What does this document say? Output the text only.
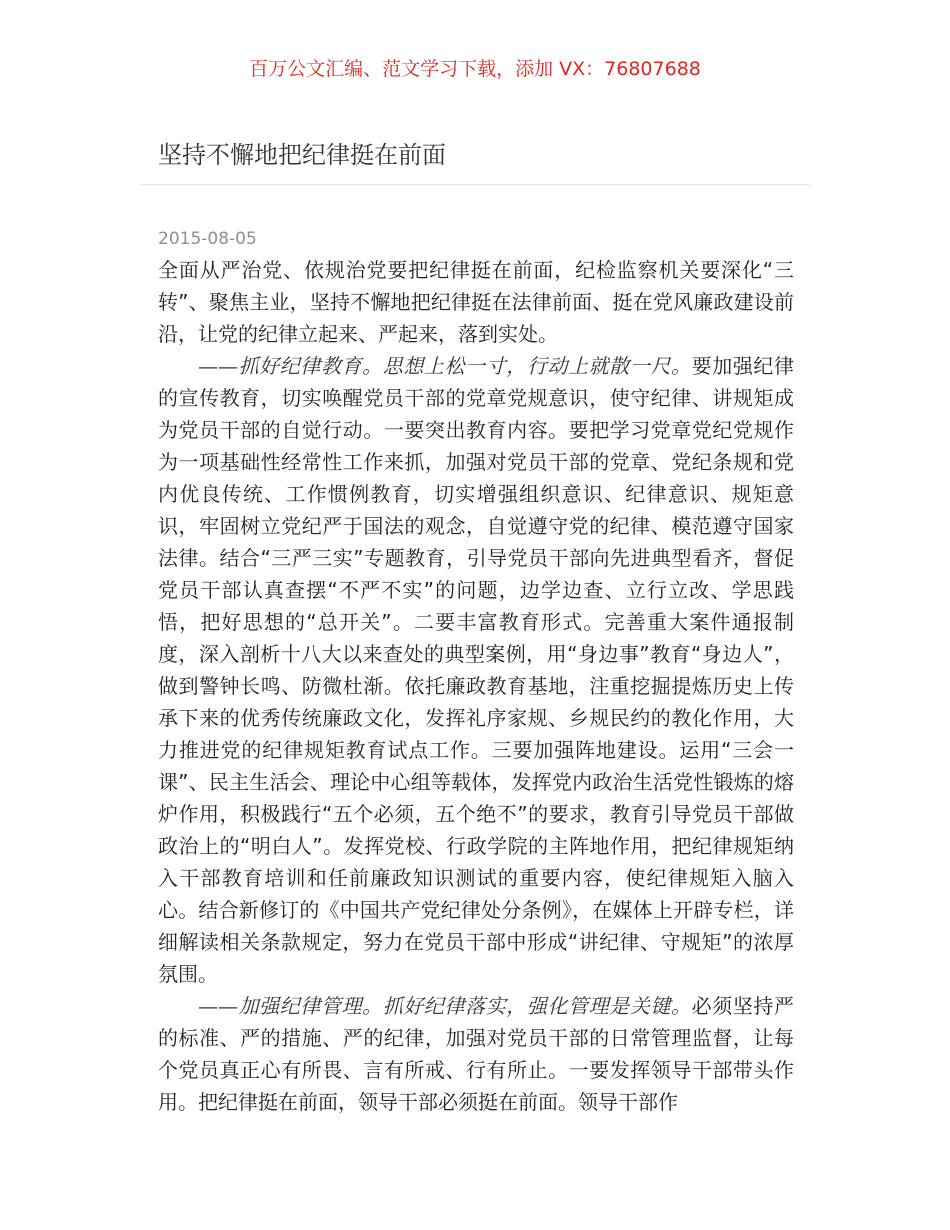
百万公文汇编、范文学习下载，添加 VX：76807688
坚持不懈地把纪律挺在前面
2015-08-05

全面从严治党、依规治党要把纪律挺在前面，纪检监察机关要深化“三转”、聚焦主业，坚持不懈地把纪律挺在法律前面、挺在党风廉政建设前沿，让党的纪律立起来、严起来，落到实处。

——抓好纪律教育。思想上松一寸，行动上就散一尺。要加强纪律的宣传教育，切实唤醒党员干部的党章党规意识，使守纪律、讲规矩成为党员干部的自觉行动。一要突出教育内容。要把学习党章党纪党规作为一项基础性经常性工作来抓，加强对党员干部的党章、党纪条规和党内优良传统、工作惯例教育，切实增强组织意识、纪律意识、规矩意识，牢固树立党纪严于国法的观念，自觉遵守党的纪律、模范遵守国家法律。结合“三严三实”专题教育，引导党员干部向先进典型看齐，督促党员干部认真查摆“不严不实”的问题，边学边查、立行立改、学思践悟，把好思想的“总开关”。二要丰富教育形式。完善重大案件通报制度，深入剖析十八大以来查处的典型案例，用“身边事”教育“身边人”，做到警钟长鸣、防微杜渐。依托廉政教育基地，注重挖掘提炼历史上传承下来的优秀传统廉政文化，发挥礼序家规、乡规民约的教化作用，大力推进党的纪律规矩教育试点工作。三要加强阵地建设。运用“三会一课”、民主生活会、理论中心组等载体，发挥党内政治生活党性锻炼的熔炉作用，积极践行“五个必须，五个绝不”的要求，教育引导党员干部做政治上的“明白人”。发挥党校、行政学院的主阵地作用，把纪律规矩纳入干部教育培训和任前廉政知识测试的重要内容，使纪律规矩入脑入心。结合新修订的《中国共产党纪律处分条例》，在媒体上开辟专栏，详细解读相关条款规定，努力在党员干部中形成“讲纪律、守规矩”的浓厚氛围。

——加强纪律管理。抓好纪律落实，强化管理是关键。必须坚持严的标准、严的措施、严的纪律，加强对党员干部的日常管理监督，让每个党员真正心有所畏、言有所戒、行有所止。一要发挥领导干部带头作用。把纪律挺在前面，领导干部必须挺在前面。领导干部作
